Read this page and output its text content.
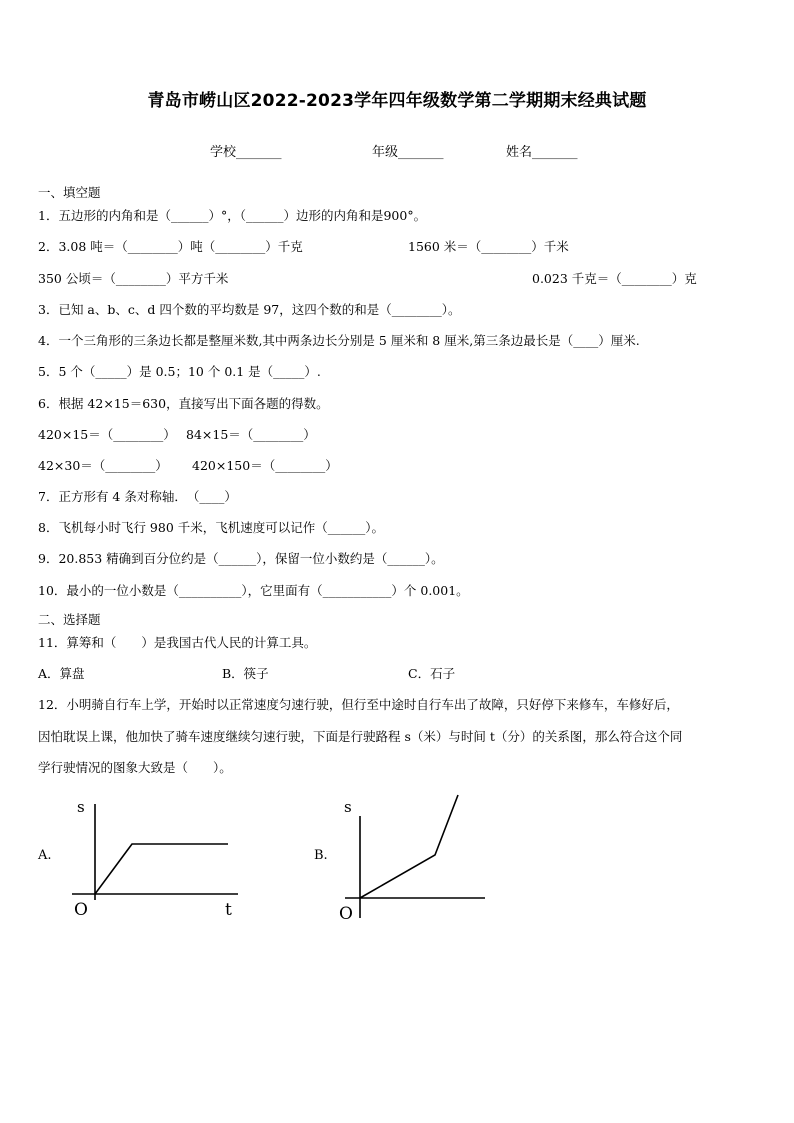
青岛市崂山区2022-2023学年四年级数学第二学期期末经典试题
学校_______	年级_______	姓名_______
一、填空题
1．五边形的内角和是（______）°，（______）边形的内角和是900°。
2．3.08 吨＝（________）吨（________）千克	1560 米＝（________）千米
350 公顷＝（________）平方千米	0.023 千克＝（________）克
3．已知 a、b、c、d 四个数的平均数是 97，这四个数的和是（________）。
4．一个三角形的三条边长都是整厘米数,其中两条边长分别是 5 厘米和 8 厘米,第三条边最长是（____）厘米.
5．5 个（_____）是 0.5；10 个 0.1 是（_____）.
6．根据 42×15＝630，直接写出下面各题的得数。
420×15＝（________） 84×15＝（________）
42×30＝（________） 420×150＝（________）
7．正方形有 4 条对称轴．　（____）
8．飞机每小时飞行 980 千米，飞机速度可以记作（______）。
9．20.853 精确到百分位约是（______），保留一位小数约是（______）。
10．最小的一位小数是（__________），它里面有（___________）个 0.001。
二、选择题
11．算筹和（　　）是我国古代人民的计算工具。
A．算盘	B．筷子	C．石子
12．小明骑自行车上学，开始时以正常速度匀速行驶，但行至中途时自行车出了故障，只好停下来修车，车修好后，
因怕耽误上课，他加快了骑车速度继续匀速行驶，下面是行驶路程 s（米）与时间 t（分）的关系图，那么符合这个同
学行驶情况的图象大致是（　　）。
A.
s
t
O
B.
s
O
